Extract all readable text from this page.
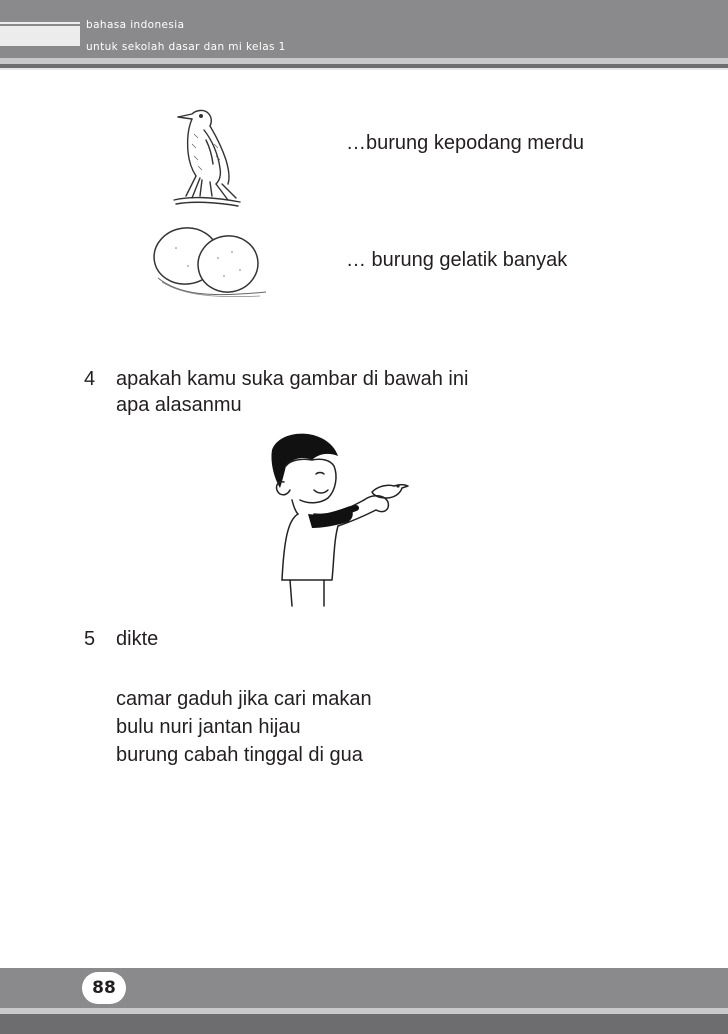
bahasa indonesia
untuk sekolah dasar dan mi kelas 1
…burung kepodang merdu
… burung gelatik banyak
4 apakah kamu suka gambar di bawah ini
apa alasanmu
5 dikte
camar gaduh jika cari makan
bulu nuri jantan hijau
burung cabah tinggal di gua
88
